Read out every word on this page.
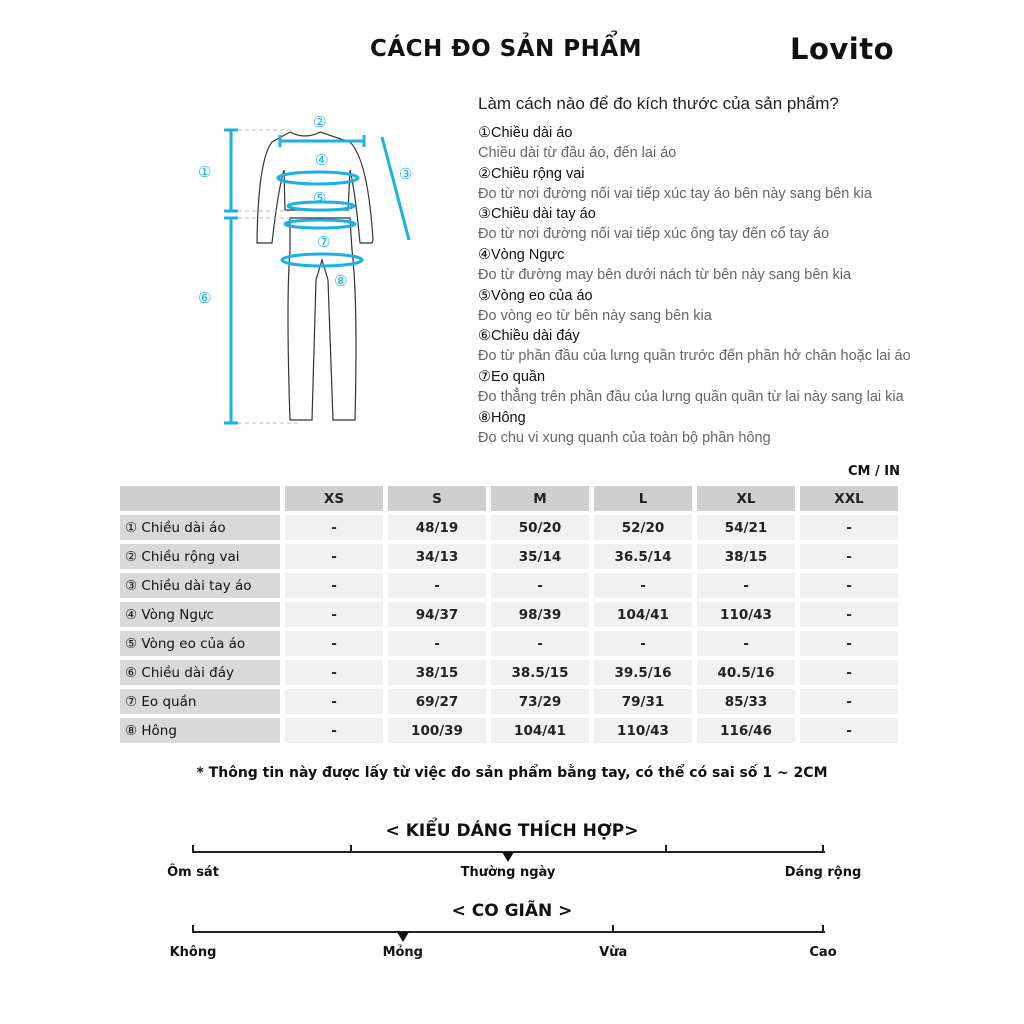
CÁCH ĐO SẢN PHẨM	Lovito
①
②
③
④
⑤
⑥
⑦
⑧
Làm cách nào để đo kích thước của sản phẩm?
①Chiều dài áo
Chiều dài từ đầu áo, đến lai áo
②Chiều rộng vai
Đo từ nơi đường nối vai tiếp xúc tay áo bên này sang bên kia
③Chiều dài tay áo
Đo từ nơi đường nối vai tiếp xúc ống tay đến cổ tay áo
④Vòng Ngực
Đo từ đường may bên dưới nách từ bên này sang bên kia
⑤Vòng eo của áo
Đo vòng eo từ bên này sang bên kia
⑥Chiều dài đáy
Đo từ phần đầu của lưng quần trước đến phần hở chân hoặc lai áo
⑦Eo quần
Đo thẳng trên phần đầu của lưng quần quần từ lai này sang lai kia
⑧Hông
Đo chu vi xung quanh của toàn bộ phần hông
CM / IN
	XS	S	M	L	XL	XXL
① Chiều dài áo	-	48/19	50/20	52/20	54/21	-
② Chiều rộng vai	-	34/13	35/14	36.5/14	38/15	-
③ Chiều dài tay áo	-	-	-	-	-	-
④ Vòng Ngực	-	94/37	98/39	104/41	110/43	-
⑤ Vòng eo của áo	-	-	-	-	-	-
⑥ Chiều dài đáy	-	38/15	38.5/15	39.5/16	40.5/16	-
⑦ Eo quần	-	69/27	73/29	79/31	85/33	-
⑧ Hông	-	100/39	104/41	110/43	116/46	-
* Thông tin này được lấy từ việc đo sản phẩm bằng tay, có thể có sai số 1 ~ 2CM
< KIỂU DÁNG THÍCH HỢP>
Ôm sát	Thường ngày	Dáng rộng
< CO GIÃN >
Không	Mỏng	Vừa	Cao
